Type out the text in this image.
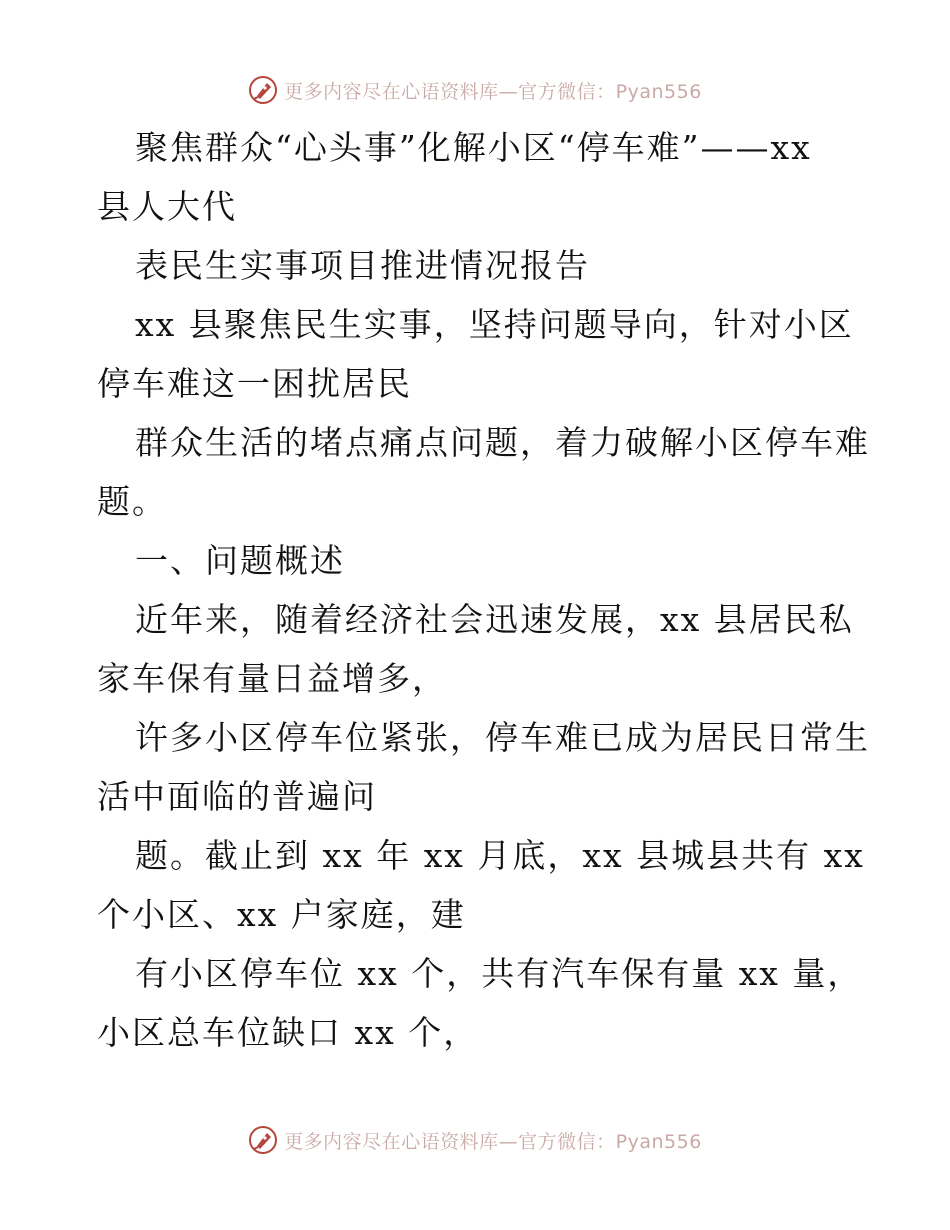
更多内容尽在心语资料库—官方微信：Pyan556
聚焦群众“心头事”化解小区“停车难”——xx
县人大代
表民生实事项目推进情况报告
xx 县聚焦民生实事，坚持问题导向，针对小区
停车难这一困扰居民
群众生活的堵点痛点问题，着力破解小区停车难
题。
一、问题概述
近年来，随着经济社会迅速发展，xx 县居民私
家车保有量日益增多，
许多小区停车位紧张，停车难已成为居民日常生
活中面临的普遍问
题。截止到 xx 年 xx 月底，xx 县城县共有 xx
个小区、xx 户家庭，建
有小区停车位 xx 个，共有汽车保有量 xx 量，
小区总车位缺口 xx 个，
更多内容尽在心语资料库—官方微信：Pyan556
